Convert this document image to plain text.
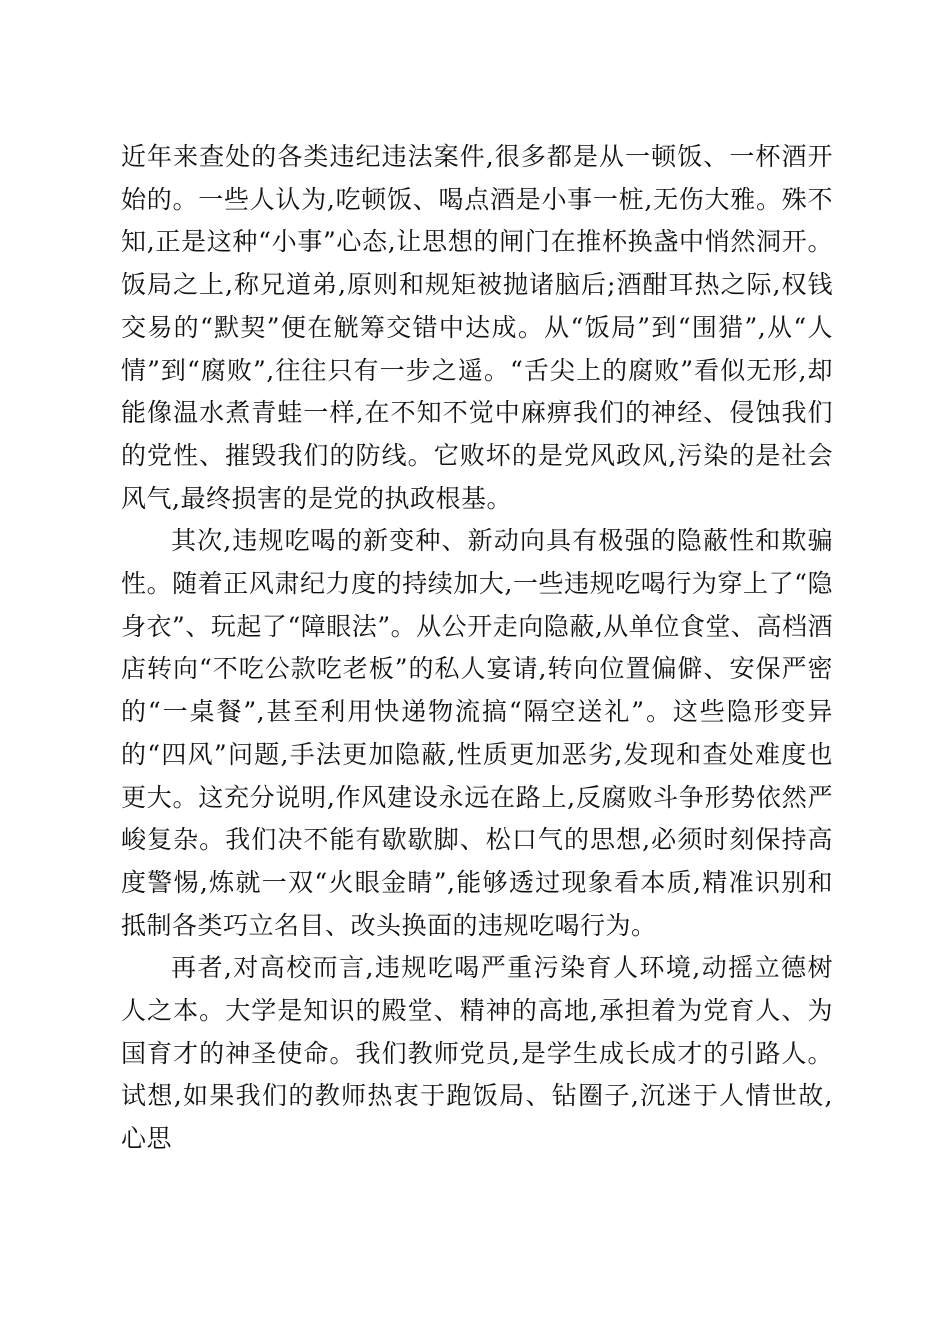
近年来查处的各类违纪违法案件,很多都是从一顿饭、一杯酒开始的。一些人认为,吃顿饭、喝点酒是小事一桩,无伤大雅。殊不知,正是这种“小事”心态,让思想的闸门在推杯换盏中悄然洞开。饭局之上,称兄道弟,原则和规矩被抛诸脑后;酒酣耳热之际,权钱交易的“默契”便在觥筹交错中达成。从“饭局”到“围猎”,从“人情”到“腐败”,往往只有一步之遥。“舌尖上的腐败”看似无形,却能像温水煮青蛙一样,在不知不觉中麻痹我们的神经、侵蚀我们的党性、摧毁我们的防线。它败坏的是党风政风,污染的是社会风气,最终损害的是党的执政根基。

其次,违规吃喝的新变种、新动向具有极强的隐蔽性和欺骗性。随着正风肃纪力度的持续加大,一些违规吃喝行为穿上了“隐身衣”、玩起了“障眼法”。从公开走向隐蔽,从单位食堂、高档酒店转向“不吃公款吃老板”的私人宴请,转向位置偏僻、安保严密的“一桌餐”,甚至利用快递物流搞“隔空送礼”。这些隐形变异的“四风”问题,手法更加隐蔽,性质更加恶劣,发现和查处难度也更大。这充分说明,作风建设永远在路上,反腐败斗争形势依然严峻复杂。我们决不能有歇歇脚、松口气的思想,必须时刻保持高度警惕,炼就一双“火眼金睛”,能够透过现象看本质,精准识别和抵制各类巧立名目、改头换面的违规吃喝行为。

再者,对高校而言,违规吃喝严重污染育人环境,动摇立德树人之本。大学是知识的殿堂、精神的高地,承担着为党育人、为国育才的神圣使命。我们教师党员,是学生成长成才的引路人。试想,如果我们的教师热衷于跑饭局、钻圈子,沉迷于人情世故,心思
